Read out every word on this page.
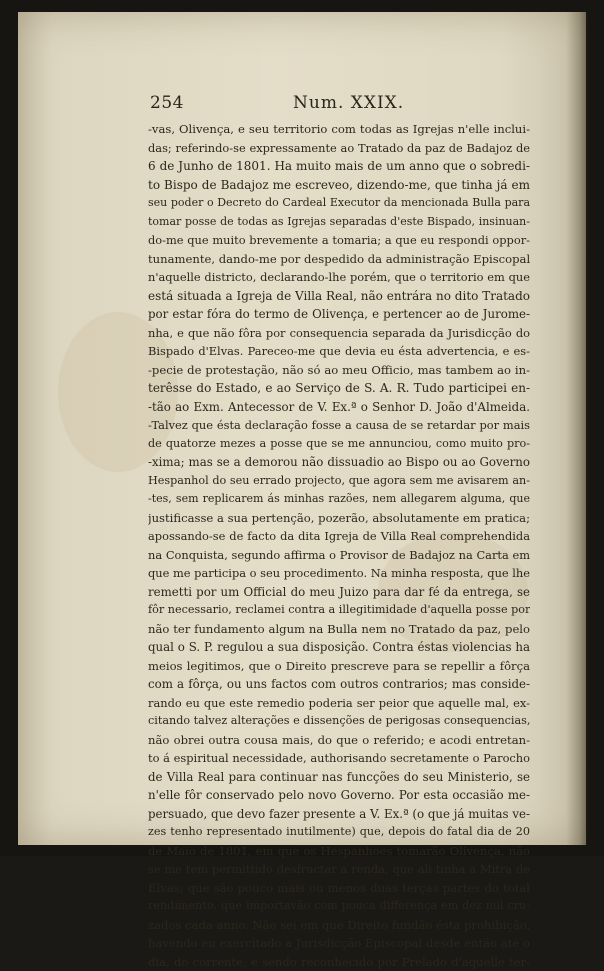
254	Num. XXIX.
-vas, Olivença, e seu territorio com todas as Igrejas n'elle inclui-
das; referindo-se expressamente ao Tratado da paz de Badajoz de
6 de Junho de 1801. Ha muito mais de um anno que o sobredi-
to Bispo de Badajoz me escreveo, dizendo-me, que tinha já em
seu poder o Decreto do Cardeal Executor da mencionada Bulla para
tomar posse de todas as Igrejas separadas d'este Bispado, insinuan-
do-me que muito brevemente a tomaria; a que eu respondi oppor-
tunamente, dando-me por despedido da administração Episcopal
n'aquelle districto, declarando-lhe porém, que o territorio em que
está situada a Igreja de Villa Real, não entrára no dito Tratado
por estar fóra do termo de Olivença, e pertencer ao de Jurome-
nha, e que não fôra por consequencia separada da Jurisdicção do
Bispado d'Elvas. Pareceo-me que devia eu ésta advertencia, e es-
-pecie de protestação, não só ao meu Officio, mas tambem ao in-
terêsse do Estado, e ao Serviço de S. A. R. Tudo participei en-
-tão ao Exm. Antecessor de V. Ex.ª o Senhor D. João d'Almeida.
-Talvez que ésta declaração fosse a causa de se retardar por mais
de quatorze mezes a posse que se me annunciou, como muito pro-
-xima; mas se a demorou não dissuadio ao Bispo ou ao Governo
Hespanhol do seu errado projecto, que agora sem me avisarem an-
-tes, sem replicarem ás minhas razões, nem allegarem alguma, que
justificasse a sua pertenção, pozerão, absolutamente em pratica;
apossando-se de facto da dita Igreja de Villa Real comprehendida
na Conquista, segundo affirma o Provisor de Badajoz na Carta em
que me participa o seu procedimento. Na minha resposta, que lhe
remetti por um Official do meu Juizo para dar fé da entrega, se
fôr necessario, reclamei contra a illegitimidade d'aquella posse por
não ter fundamento algum na Bulla nem no Tratado da paz, pelo
qual o S. P. regulou a sua disposição. Contra éstas violencias ha
meios legitimos, que o Direito prescreve para se repellir a fôrça
com a fôrça, ou uns factos com outros contrarios; mas conside-
rando eu que este remedio poderia ser peior que aquelle mal, ex-
citando talvez alterações e dissenções de perigosas consequencias,
não obrei outra cousa mais, do que o referido; e acodi entretan-
to á espiritual necessidade, authorisando secretamente o Parocho
de Villa Real para continuar nas funcções do seu Ministerio, se
n'elle fôr conservado pelo novo Governo. Por esta occasião me-
persuado, que devo fazer presente a V. Ex.ª (o que já muitas ve-
zes tenho representado inutilmente) que, depois do fatal dia de 20
de Maio de 1801, em que os Hespanhoes tomarão Olivença, não
se me tem permittido desfructar a renda, que ali tinha a Mitra de
Elvas; que são pouco mais ou menos duas terças partes do total
rendimento, que importavão com pouca differença em dez mil cru-
zados cada anno. Não sei em que Direito fundão ésta prohibição,
havendo eu exercitado a Jurisdicção Episcopal desde então até o
dia, do corrente, e sendo reconhecido por Prelado d'aquelle ter-
